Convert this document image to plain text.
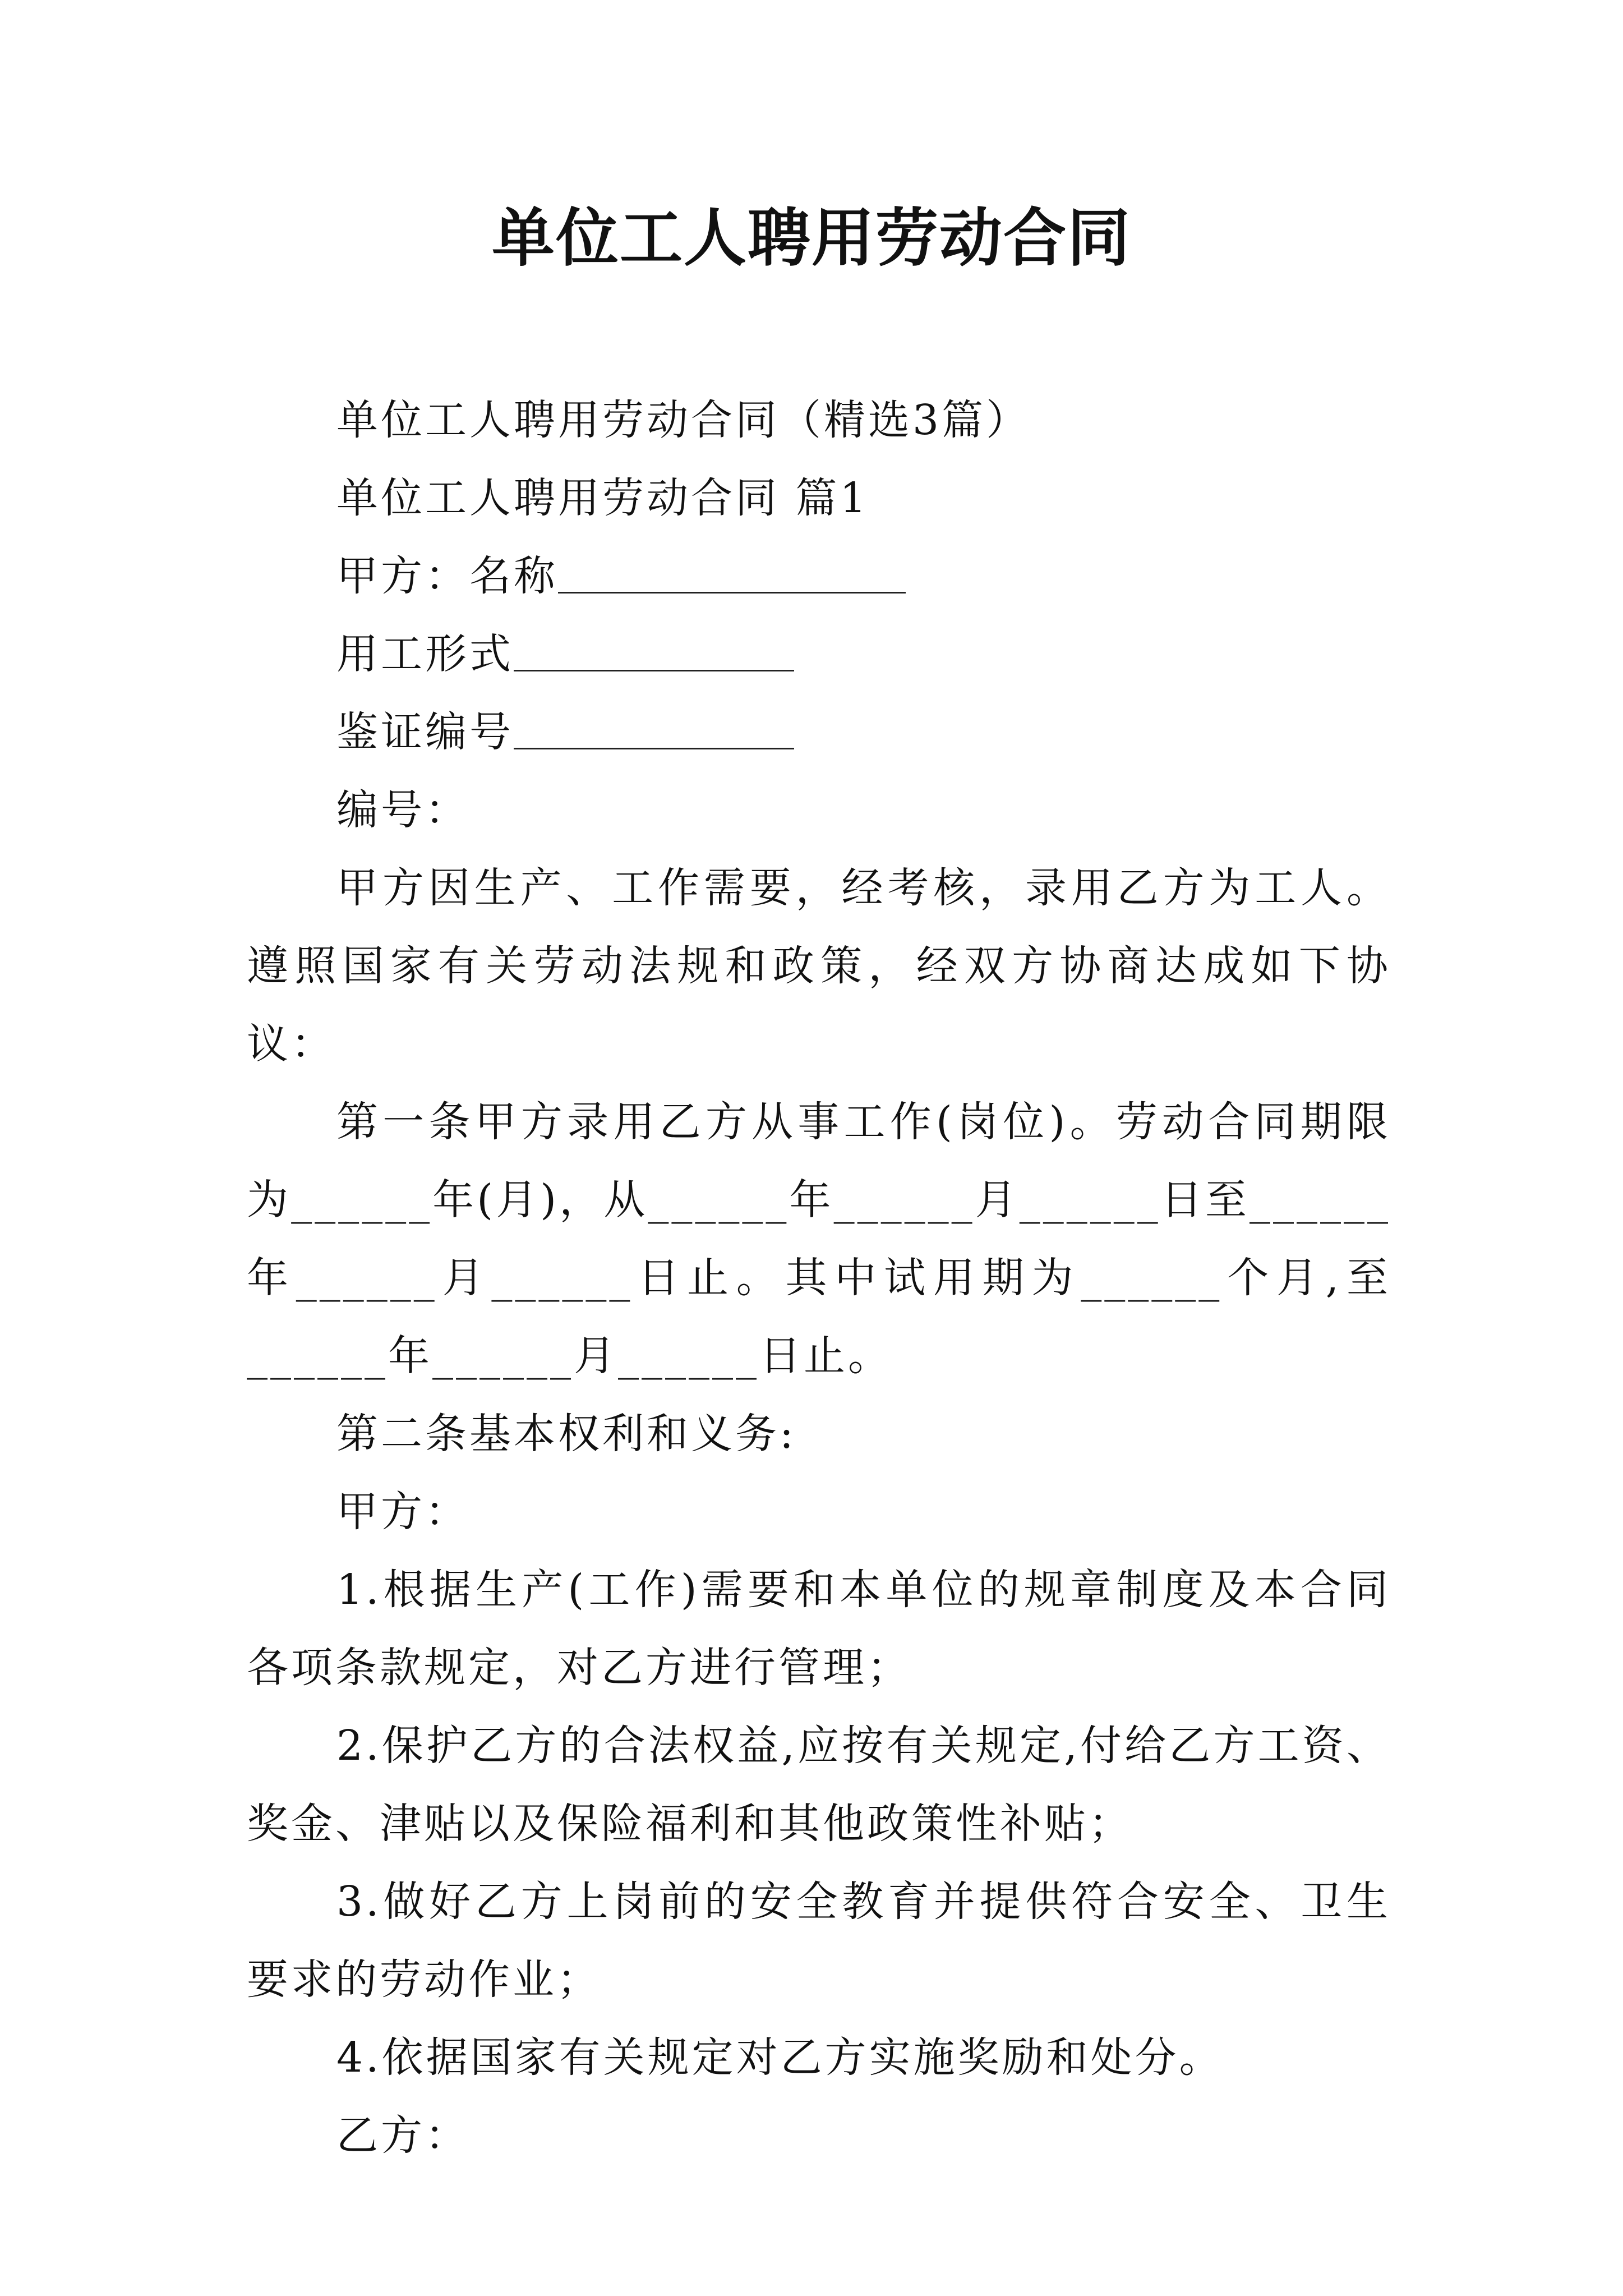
单位工人聘用劳动合同

单位工人聘用劳动合同（精选3篇）

单位工人聘用劳动合同 篇1

甲方：名称

用工形式

鉴证编号

编号：

甲方因生产、工作需要，经考核，录用乙方为工人。遵照国家有关劳动法规和政策，经双方协商达成如下协议：

第一条甲方录用乙方从事工作(岗位)。劳动合同期限为______年(月)，从______年______月______日至______年______月______日止。其中试用期为______个月,至______年______月______日止。

第二条基本权利和义务:

甲方：

1.根据生产(工作)需要和本单位的规章制度及本合同各项条款规定，对乙方进行管理；

2.保护乙方的合法权益,应按有关规定,付给乙方工资、奖金、津贴以及保险福利和其他政策性补贴；

3.做好乙方上岗前的安全教育并提供符合安全、卫生要求的劳动作业；

4.依据国家有关规定对乙方实施奖励和处分。

乙方：
